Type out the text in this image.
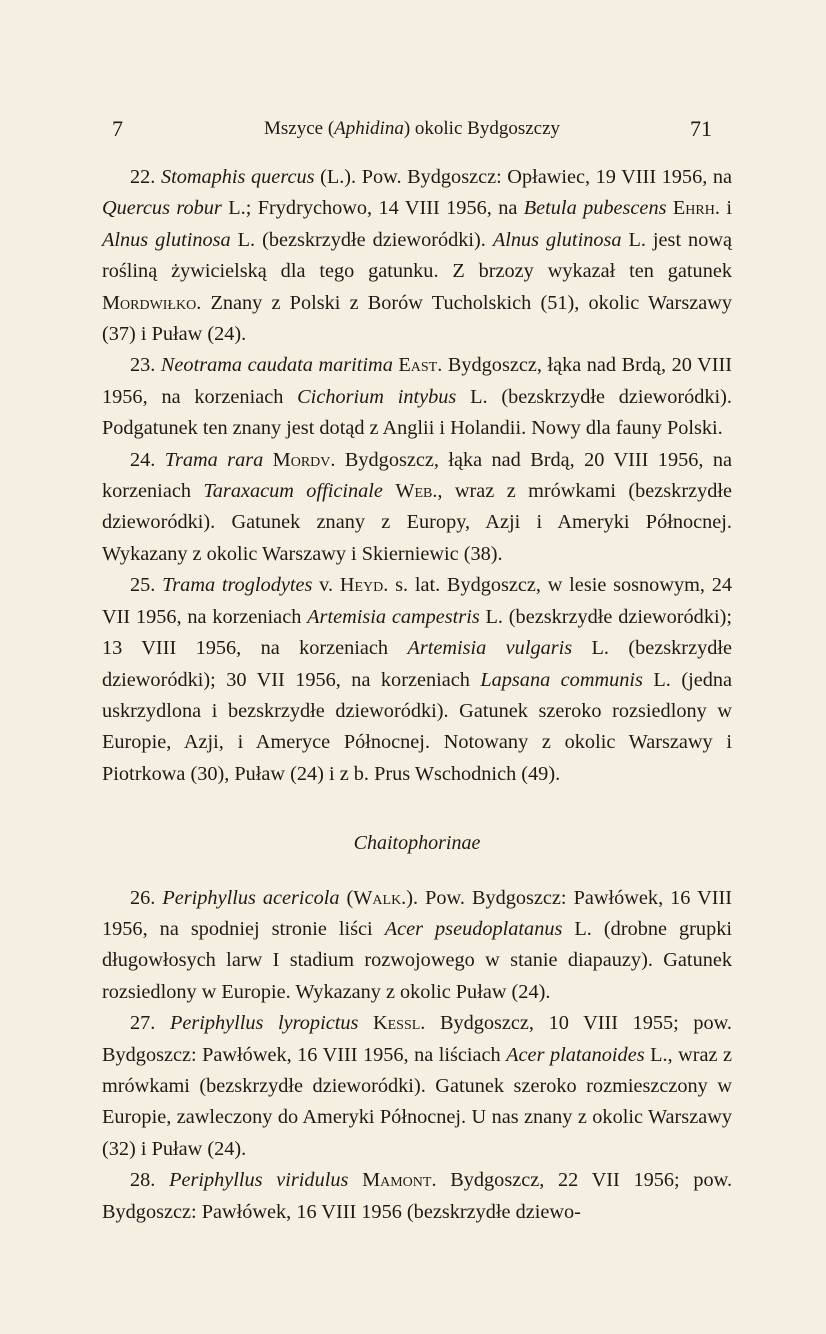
7	Mszyce (Aphidina) okolic Bydgoszczy	71

22. Stomaphis quercus (L.). Pow. Bydgoszcz: Opławiec, 19 VIII 1956, na Quercus robur L.; Frydrychowo, 14 VIII 1956, na Betula pubescens Ehrh. i Alnus glutinosa L. (bezskrzydłe dzieworódki). Alnus glutinosa L. jest nową rośliną żywicielską dla tego gatunku. Z brzozy wykazał ten gatunek Mordwiłko. Znany z Polski z Borów Tucholskich (51), okolic Warszawy (37) i Puław (24).

23. Neotrama caudata maritima East. Bydgoszcz, łąka nad Brdą, 20 VIII 1956, na korzeniach Cichorium intybus L. (bezskrzydłe dzieworódki). Podgatunek ten znany jest dotąd z Anglii i Holandii. Nowy dla fauny Polski.

24. Trama rara Mordv. Bydgoszcz, łąka nad Brdą, 20 VIII 1956, na korzeniach Taraxacum officinale Web., wraz z mrówkami (bezskrzydłe dzieworódki). Gatunek znany z Europy, Azji i Ameryki Północnej. Wykazany z okolic Warszawy i Skierniewic (38).

25. Trama troglodytes v. Heyd. s. lat. Bydgoszcz, w lesie sosnowym, 24 VII 1956, na korzeniach Artemisia campestris L. (bezskrzydłe dzieworódki); 13 VIII 1956, na korzeniach Artemisia vulgaris L. (bezskrzydłe dzieworódki); 30 VII 1956, na korzeniach Lapsana communis L. (jedna uskrzydlona i bezskrzydłe dzieworódki). Gatunek szeroko rozsiedlony w Europie, Azji, i Ameryce Północnej. Notowany z okolic Warszawy i Piotrkowa (30), Puław (24) i z b. Prus Wschodnich (49).

Chaitophorinae

26. Periphyllus acericola (Walk.). Pow. Bydgoszcz: Pawłówek, 16 VIII 1956, na spodniej stronie liści Acer pseudoplatanus L. (drobne grupki długowłosych larw I stadium rozwojowego w stanie diapauzy). Gatunek rozsiedlony w Europie. Wykazany z okolic Puław (24).

27. Periphyllus lyropictus Kessl. Bydgoszcz, 10 VIII 1955; pow. Bydgoszcz: Pawłówek, 16 VIII 1956, na liściach Acer platanoides L., wraz z mrówkami (bezskrzydłe dzieworódki). Gatunek szeroko rozmieszczony w Europie, zawleczony do Ameryki Północnej. U nas znany z okolic Warszawy (32) i Puław (24).

28. Periphyllus viridulus Mamont. Bydgoszcz, 22 VII 1956; pow. Bydgoszcz: Pawłówek, 16 VIII 1956 (bezskrzydłe dziewo-
